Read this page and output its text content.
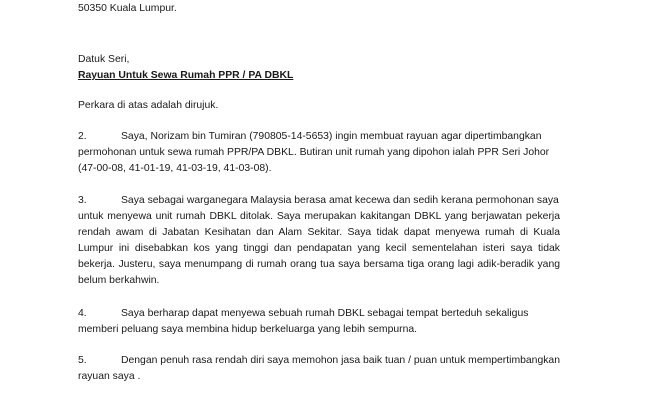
50350 Kuala Lumpur.
Datuk Seri,
Rayuan Untuk Sewa Rumah PPR / PA DBKL
Perkara di atas adalah dirujuk.
2.	Saya, Norizam bin Tumiran (790805-14-5653) ingin membuat rayuan agar dipertimbangkan
permohonan untuk sewa rumah PPR/PA DBKL. Butiran unit rumah yang dipohon ialah PPR Seri Johor
(47-00-08, 41-01-19, 41-03-19, 41-03-08).
3.	Saya sebagai warganegara Malaysia berasa amat kecewa dan sedih kerana permohonan saya
untuk menyewa unit rumah DBKL ditolak. Saya merupakan kakitangan DBKL yang berjawatan pekerja
rendah awam di Jabatan Kesihatan dan Alam Sekitar. Saya tidak dapat menyewa rumah di Kuala
Lumpur ini disebabkan kos yang tinggi dan pendapatan yang kecil sementelahan isteri saya tidak
bekerja. Justeru, saya menumpang di rumah orang tua saya bersama tiga orang lagi adik-beradik yang
belum berkahwin.
4.	Saya berharap dapat menyewa sebuah rumah DBKL sebagai tempat berteduh sekaligus
memberi peluang saya membina hidup berkeluarga yang lebih sempurna.
5.	Dengan penuh rasa rendah diri saya memohon jasa baik tuan / puan untuk mempertimbangkan
rayuan saya .
